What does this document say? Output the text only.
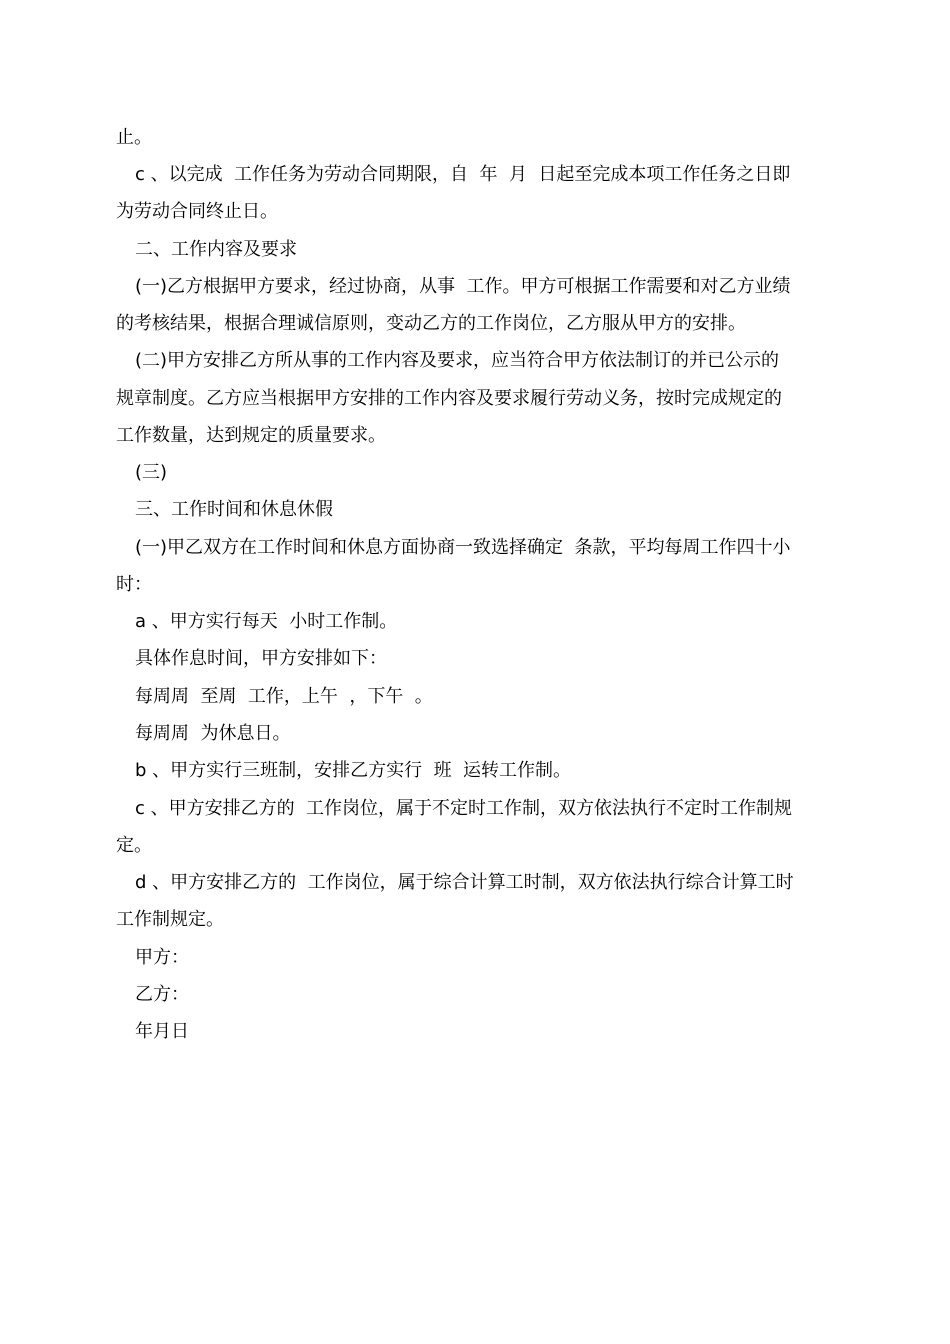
止。
c 、以完成  工作任务为劳动合同期限，自  年  月  日起至完成本项工作任务之日即
为劳动合同终止日。
二、工作内容及要求
(一)乙方根据甲方要求，经过协商，从事  工作。甲方可根据工作需要和对乙方业绩
的考核结果，根据合理诚信原则，变动乙方的工作岗位，乙方服从甲方的安排。
(二)甲方安排乙方所从事的工作内容及要求，应当符合甲方依法制订的并已公示的
规章制度。乙方应当根据甲方安排的工作内容及要求履行劳动义务，按时完成规定的
工作数量，达到规定的质量要求。
(三)
三、工作时间和休息休假
(一)甲乙双方在工作时间和休息方面协商一致选择确定  条款，平均每周工作四十小
时：
a 、甲方实行每天  小时工作制。
具体作息时间，甲方安排如下：
每周周  至周  工作，上午  ，下午  。
每周周  为休息日。
b 、甲方实行三班制，安排乙方实行  班  运转工作制。
c 、甲方安排乙方的  工作岗位，属于不定时工作制，双方依法执行不定时工作制规
定。
d 、甲方安排乙方的  工作岗位，属于综合计算工时制，双方依法执行综合计算工时
工作制规定。
甲方：
乙方：
年月日
